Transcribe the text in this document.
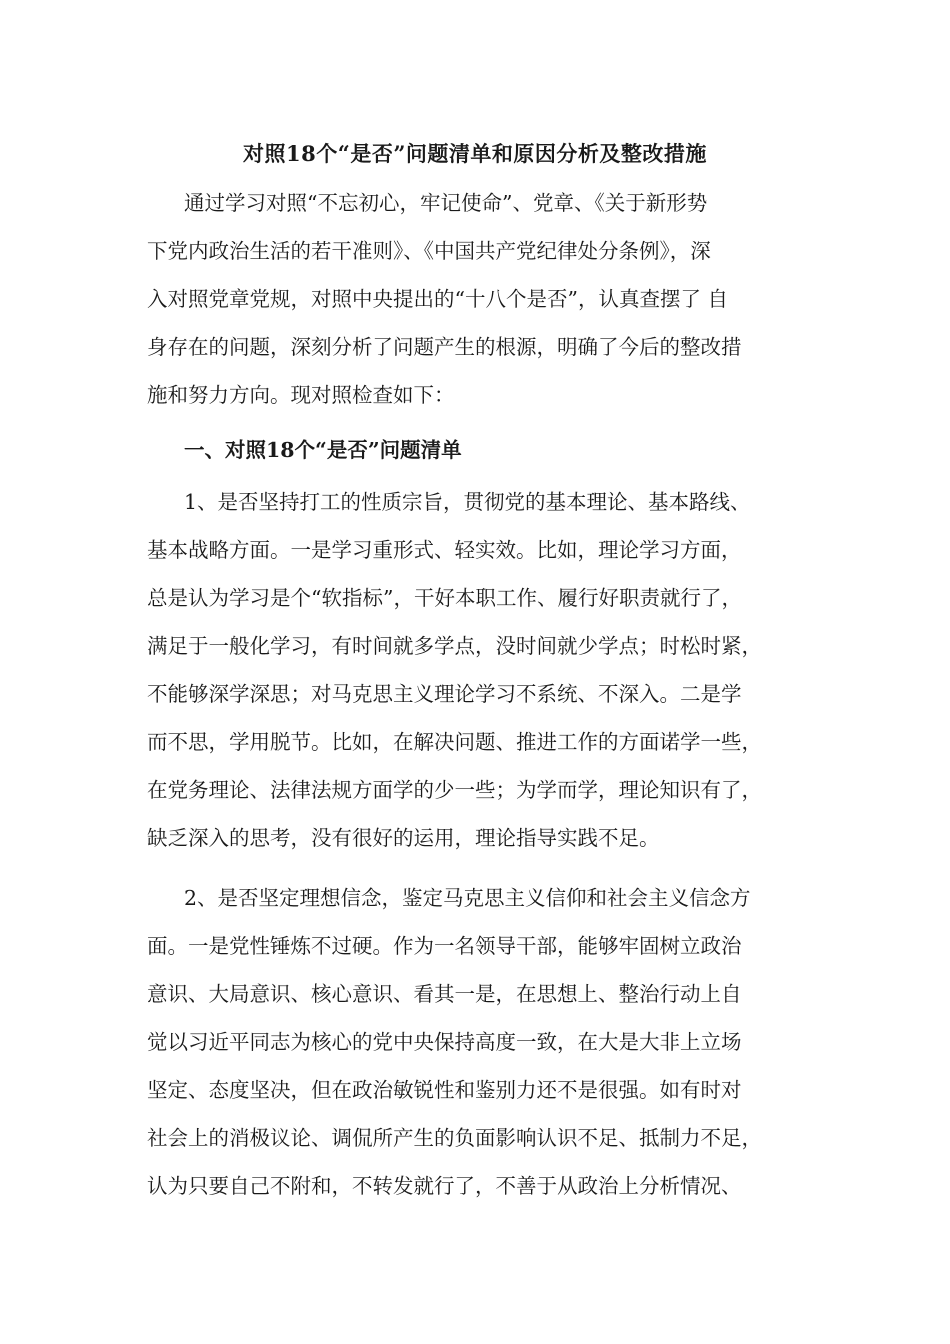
对照18个“是否”问题清单和原因分析及整改措施
通过学习对照“不忘初心，牢记使命”、党章、《关于新形势
下党内政治生活的若干准则》、《中国共产党纪律处分条例》，深
入对照党章党规，对照中央提出的“十八个是否”，认真查摆了 自
身存在的问题，深刻分析了问题产生的根源，明确了今后的整改措
施和努力方向。现对照检查如下：
一、对照18个“是否”问题清单
1、是否坚持打工的性质宗旨，贯彻党的基本理论、基本路线、
基本战略方面。一是学习重形式、轻实效。比如，理论学习方面，
总是认为学习是个“软指标”，干好本职工作、履行好职责就行了，
满足于一般化学习，有时间就多学点，没时间就少学点；时松时紧，
不能够深学深思；对马克思主义理论学习不系统、不深入。二是学
而不思，学用脱节。比如，在解决问题、推进工作的方面诺学一些，
在党务理论、法律法规方面学的少一些；为学而学，理论知识有了，
缺乏深入的思考，没有很好的运用，理论指导实践不足。
2、是否坚定理想信念，鉴定马克思主义信仰和社会主义信念方
面。一是党性锤炼不过硬。作为一名领导干部，能够牢固树立政治
意识、大局意识、核心意识、看其一是，在思想上、整治行动上自
觉以习近平同志为核心的党中央保持高度一致，在大是大非上立场
坚定、态度坚决，但在政治敏锐性和鉴别力还不是很强。如有时对
社会上的消极议论、调侃所产生的负面影响认识不足、抵制力不足，
认为只要自己不附和，不转发就行了，不善于从政治上分析情况、
